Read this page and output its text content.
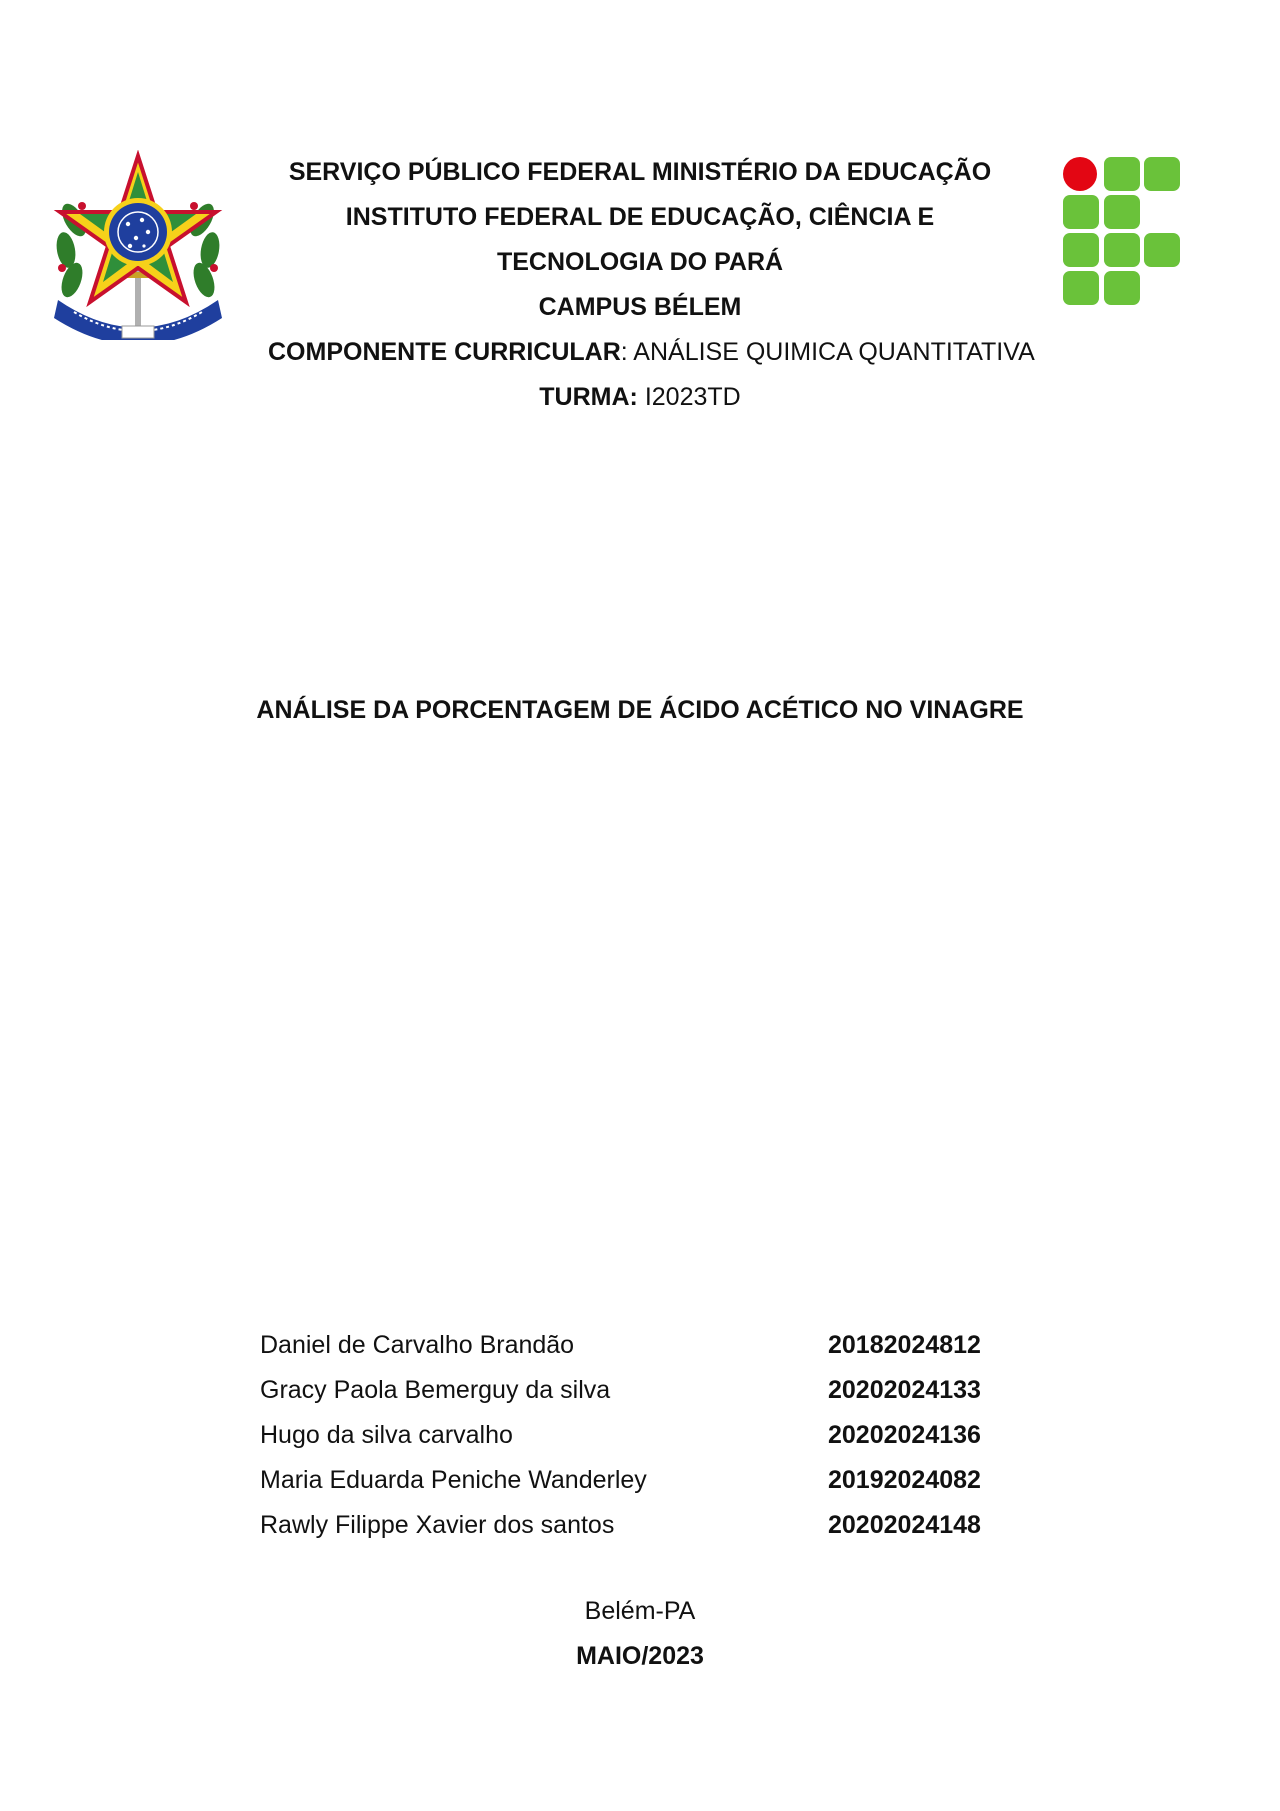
SERVIÇO PÚBLICO FEDERAL MINISTÉRIO DA EDUCAÇÃO
INSTITUTO FEDERAL DE EDUCAÇÃO, CIÊNCIA E
TECNOLOGIA DO PARÁ
CAMPUS BÉLEM
COMPONENTE CURRICULAR: ANÁLISE QUIMICA QUANTITATIVA
TURMA: I2023TD
ANÁLISE DA PORCENTAGEM DE ÁCIDO ACÉTICO NO VINAGRE
Daniel de Carvalho Brandão	20182024812
Gracy Paola Bemerguy da silva	20202024133
Hugo da silva carvalho	20202024136
Maria Eduarda Peniche Wanderley	20192024082
Rawly Filippe Xavier dos santos	20202024148
Belém-PA
MAIO/2023
